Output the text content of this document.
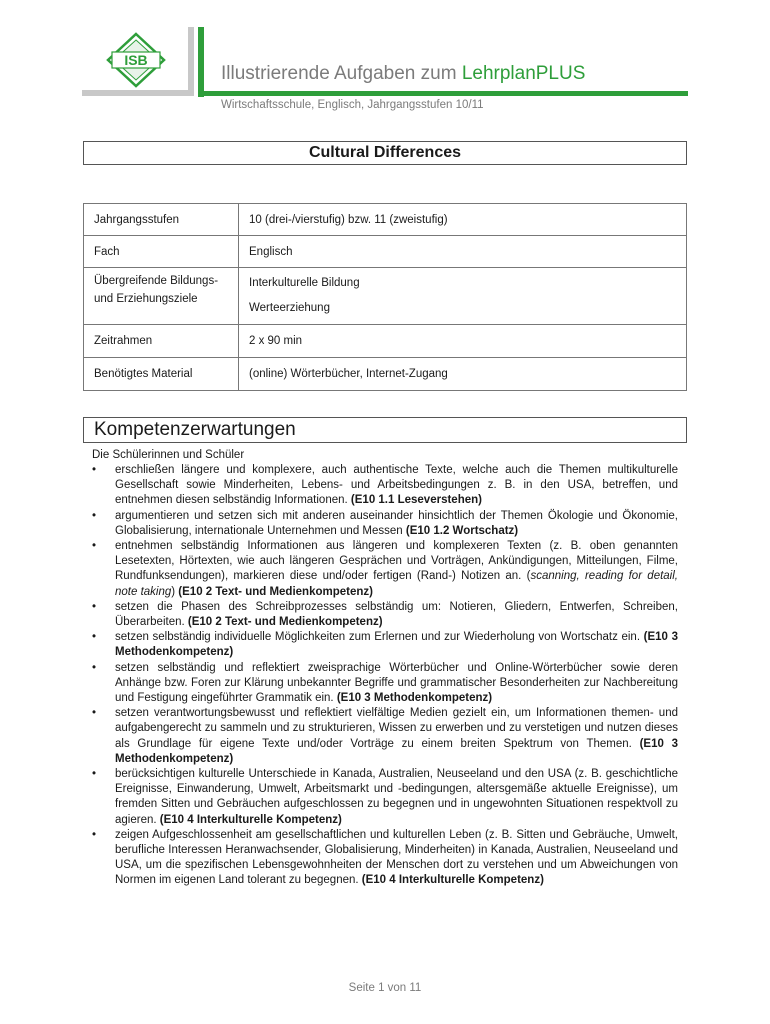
ISB
Illustrierende Aufgaben zum LehrplanPLUS
Wirtschaftsschule, Englisch, Jahrgangsstufen 10/11
Cultural Differences
Jahrgangsstufen	10 (drei-/vierstufig) bzw. 11 (zweistufig)
Fach	Englisch

Übergreifende Bildungs-
und Erziehungsziele	Interkulturelle Bildung
Werteerziehung

Zeitrahmen	2 x 90 min
Benötigtes Material	(online) Wörterbücher, Internet-Zugang
Kompetenzerwartungen
Die Schülerinnen und Schüler
• erschließen längere und komplexere, auch authentische Texte, welche auch die Themen multikulturelle Gesellschaft sowie Minderheiten, Lebens- und Arbeitsbedingungen z. B. in den USA, betreffen, und entnehmen diesen selbständig Informationen. (E10 1.1 Leseverstehen)
• argumentieren und setzen sich mit anderen auseinander hinsichtlich der Themen Ökologie und Ökonomie, Globalisierung, internationale Unternehmen und Messen (E10 1.2 Wortschatz)
• entnehmen selbständig Informationen aus längeren und komplexeren Texten (z. B. oben genannten Lesetexten, Hörtexten, wie auch längeren Gesprächen und Vorträgen, Ankündigungen, Mitteilungen, Filme, Rundfunksendungen), markieren diese und/oder fertigen (Rand-) Notizen an. (scanning, reading for detail, note taking) (E10 2 Text- und Medienkompetenz)
• setzen die Phasen des Schreibprozesses selbständig um: Notieren, Gliedern, Entwerfen, Schreiben, Überarbeiten. (E10 2 Text- und Medienkompetenz)
• setzen selbständig individuelle Möglichkeiten zum Erlernen und zur Wiederholung von Wortschatz ein. (E10 3 Methodenkompetenz)
• setzen selbständig und reflektiert zweisprachige Wörterbücher und Online-Wörterbücher sowie deren Anhänge bzw. Foren zur Klärung unbekannter Begriffe und grammatischer Besonderheiten zur Nachbereitung und Festigung eingeführter Grammatik ein. (E10 3 Methodenkompetenz)
• setzen verantwortungsbewusst und reflektiert vielfältige Medien gezielt ein, um Informationen themen- und aufgabengerecht zu sammeln und zu strukturieren, Wissen zu erwerben und zu verstetigen und nutzen dieses als Grundlage für eigene Texte und/oder Vorträge zu einem breiten Spektrum von Themen. (E10 3 Methodenkompetenz)
• berücksichtigen kulturelle Unterschiede in Kanada, Australien, Neuseeland und den USA (z. B. geschichtliche Ereignisse, Einwanderung, Umwelt, Arbeitsmarkt und -bedingungen, altersgemäße aktuelle Ereignisse), um fremden Sitten und Gebräuchen aufgeschlossen zu begegnen und in ungewohnten Situationen respektvoll zu agieren. (E10 4 Interkulturelle Kompetenz)
• zeigen Aufgeschlossenheit am gesellschaftlichen und kulturellen Leben (z. B. Sitten und Gebräuche, Umwelt, berufliche Interessen Heranwachsender, Globalisierung, Minderheiten) in Kanada, Australien, Neuseeland und USA, um die spezifischen Lebensgewohnheiten der Menschen dort zu verstehen und um Abweichungen von Normen im eigenen Land tolerant zu begegnen. (E10 4 Interkulturelle Kompetenz)
Seite 1 von 11
